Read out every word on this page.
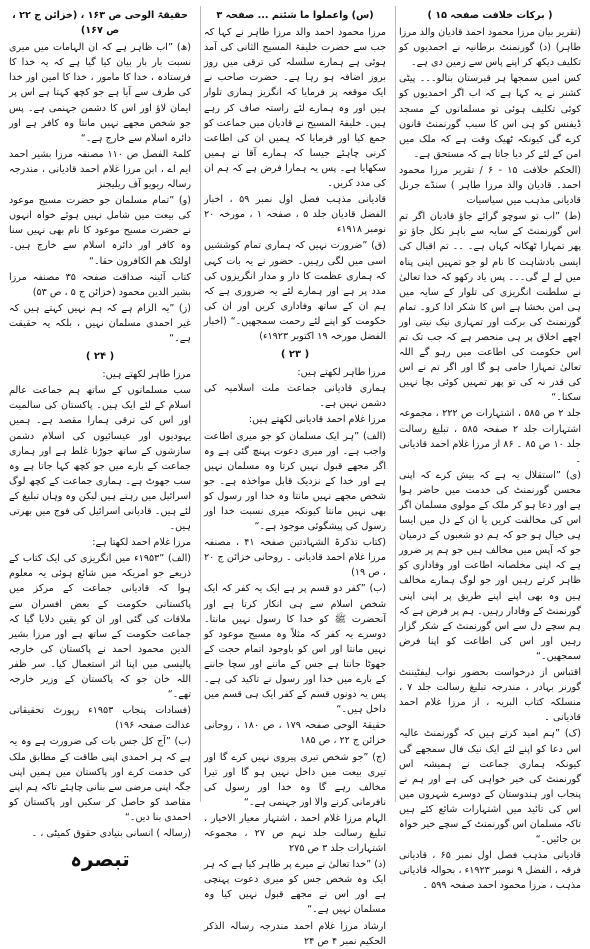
( برکات خلافت صفحہ ۱۵ )

(تقریر بیان مرزا محمود احمد قادیان والد مرزا طاہر) (د) گورنمنٹ برطانیہ نے احمدیوں کو تکلیف دیکھ کر اپنے پاس سے زمین دی ہے۔

کس امیں سمجھا ہر قبرستان بنالو۔۔۔ پیٹی کشنر نے یہ کہا ہے کہ اب اگر احمدیوں کو کوئی تکلیف ہوئی تو مسلمانوں کے مسجد ڈیفنس کو ہی اس کا سبب گورنمنٹ قانون کرے گی کیونکہ ٹھیک وقت ہے کہ ملک میں امن کے لئے کر دیا جاتا ہے کہ مستحق ہے۔

(الحکم خلافت ۱۵ - ۶ / تقریر مرزا محمود احمد۔ قادیان والد مرزا طاہر ) سنڈے جرنل قادیانی مذہب میں سیاسیات

(ط) ”اب تو سوچو گرائے جاؤ قادیان اگر تم اس گورنمنٹ کے سایہ سے باہر نکل جاؤ تو پھر تمہارا ٹھکانہ کہاں ہے۔ ۔۔ تم اقبال کی ایسی بادشاہت کا نام لو جو تمہیں اپنی پناہ میں لے لے گی۔۔۔ پس یاد رکھو کہ خدا تعالیٰ نے سلطنت انگریزی کی تلوار کے سایہ میں ہی امن بخشا ہے اس کا شکر ادا کرو۔ تمام گورنمنٹ کی برکت اور تمہاری نیک نیتی اور اچھے اخلاق پر ہی منحصر ہے کہ جب تک تم اس حکومت کی اطاعت میں رہو گے اللہ تعالیٰ تمہارا حامی ہو گا اور اگر تم نے اس کی قدر نہ کی تو پھر تمہیں کوئی بچا نہیں سکتا۔“

جلد ۲ ص ۵۸۵ ، اشتہارات ص ۲۲۲ ، مجموعہ اشتہارات جلد ۲ صفحہ ۵۸۵ ، تبلیغ رسالت جلد ۱۰ ص ۸۵ ۔ ۸۶ از مرزا غلام احمد قادیانی ۔

(ی) ”استقلال یہ ہے کہ بیش کرے کہ اپنی محسن گورنمنٹ کی خدمت میں حاضر ہوا ہے اور دعا ہو کر ملک کے مولوی مسلمان اگر اس کی مخالفت کریں یا ان کے دل میں ایسا ہی خیال ہو جو کہ ہم دو شعبوں کے درمیان جو کہ آپس میں مخالف ہیں جو ہم پر ضرور ہے کہ اپنی مخلصانہ اطاعت اور وفاداری کو ظاہر کرتے رہیں اور جو لوگ ہمارے مخالف ہیں وہ بھی اپنے اپنے طریق پر اپنی اپنی گورنمنٹ کے وفادار رہیں۔ ہم پر فرض ہے کہ ہم سچے دل سے اس گورنمنٹ کے شکر گزار رہیں اور اس کی اطاعت کو اپنا فرض سمجھیں۔“

اقتباس از درخواست بحضور نواب لیفٹیننٹ گورنر بہادر ، مندرجہ تبلیغ رسالت جلد ۷ ، منسلکہ کتاب البریہ ، از مرزا غلام احمد قادیانی ۔

(ک) ”ہم امید کرتے ہیں کہ گورنمنٹ عالیہ اس دعا کو اپنے لئے ایک نیک فال سمجھے گی کیونکہ ہماری جماعت نے ہمیشہ اس گورنمنٹ کی خیر خواہی کی ہے اور ہم نے پنجاب اور ہندوستان کے دوسرے شہروں میں اس کی تائید میں اشتہارات شائع کئے ہیں تاکہ مسلمان اس گورنمنٹ کے سچے خیر خواہ بن جائیں۔“

قادیانی مذہب فصل اول نمبر ۶۵ ، قادیانی فرقہ ، الفضل ۹ نومبر ۱۹۲۳ء ، بحوالہ قادیانی مذہب ، مرزا محمود احمد صفحہ ۵۹۹ ۔

(س) واعملوا ما شئتم ... صفحہ ۳

مرزا محمود احمد والد مرزا طاہر نے کہا کہ جب سے حضرت خلیفۃ المسیح الثانی کی آمد ہوئی ہے ہمارے سلسلہ کی ترقی میں روز بروز اضافہ ہو رہا ہے۔ حضرت صاحب نے ایک موقعہ پر فرمایا کہ انگریز ہماری تلوار ہیں اور وہ ہمارے لئے راستہ صاف کر رہے ہیں۔ خلیفۃ المسیح نے قادیان میں جماعت کو جمع کیا اور فرمایا کہ ہمیں ان کی اطاعت کرنی چاہئے جیسا کہ ہمارے آقا نے ہمیں سکھایا ہے۔ پس یہ ہمارا فرض ہے کہ ہم ان کی مدد کریں۔

قادیانی مذہب فصل اول نمبر ۵۹ ، اخبار الفضل قادیان جلد ۵ ، صفحہ ۱ ، مورخہ ۲۰ نومبر ۱۹۱۸ء

(ق) ”ضرورت نہیں کہ ہماری تمام کوششیں اسی میں لگی رہیں۔ حضور نے یہ بات کہی کہ ہماری عظمت کا دار و مدار انگریزوں کی مدد پر ہے اور ہمارے لئے یہ ضروری ہے کہ ہم ان کے ساتھ وفاداری کریں اور ان کی حکومت کو اپنے لئے رحمت سمجھیں۔“ (اخبار الفضل مورخہ ۱۹ اکتوبر ۱۹۲۳ء)

( ۲۳ )

مرزا طاہر لکھتے ہیں:

ہماری قادیانی جماعت ملت اسلامیہ کی دشمن نہیں ہے۔

مرزا غلام احمد قادیانی لکھتے ہیں:

(الف) ”ہر ایک مسلمان کو جو میری اطاعت واجب ہے۔ اور میری دعوت پہنچ گئی ہے وہ اگر مجھے قبول نہیں کرتا وہ مسلمان نہیں ہے اور خدا کے نزدیک قابل مواخذہ ہے۔ جو شخص مجھے نہیں مانتا وہ خدا اور رسول کو بھی نہیں مانتا کیونکہ میری نسبت خدا اور رسول کی پیشگوئی موجود ہے۔“

(کتاب تذکرۃ الشہادتین صفحہ ۴۱ ، مصنفہ مرزا غلام احمد قادیانی ۔ روحانی خزائن ج ۲۰ ، ص ۱۹)

(ب) ”کفر دو قسم پر ہے ایک یہ کفر کہ ایک شخص اسلام سے ہی انکار کرتا ہے اور آنحضرت ﷺ کو خدا کا رسول نہیں مانتا۔ دوسرے یہ کفر کہ مثلاً وہ مسیح موعود کو نہیں مانتا اور اس کو باوجود اتمام حجت کے جھوٹا جانتا ہے جس کے ماننے اور سچا جاننے کے بارے میں خدا اور رسول نے تاکید کی ہے۔ پس یہ دونوں قسم کے کفر ایک ہی قسم میں داخل ہیں۔“

حقیقۃ الوحی صفحہ ۱۷۹ ، ص ۱۸۰ ، روحانی خزائن ج ۲۲ ، ص ۱۸۵

(ج) ”جو شخص تیری پیروی نہیں کرے گا اور تیری بیعت میں داخل نہیں ہو گا اور تیرا مخالف رہے گا وہ خدا اور رسول کی نافرمانی کرنے والا اور جہنمی ہے۔“

الہام مرزا غلام احمد ، اشتہار معیار الاخیار ، تبلیغ رسالت جلد نہم ص ۲۷ ، مجموعہ اشتہارات جلد ۳ ص ۲۷۵

(د) ”خدا تعالیٰ نے میرے پر ظاہر کیا ہے کہ ہر ایک وہ شخص جس کو میری دعوت پہنچی ہے اور اس نے مجھے قبول نہیں کیا وہ مسلمان نہیں ہے۔“

ارشاد مرزا غلام احمد مندرجہ رسالہ الذکر الحکیم نمبر ۴ ص ۲۴

حقیقۃ الوحی ص ۱۶۳ ، (خزائن ج ۲۲ ، ص ۱۶۷)

(ھ) ”اب ظاہر ہے کہ ان الہامات میں میری نسبت بار بار بیان کیا گیا ہے کہ یہ خدا کا فرستادہ ، خدا کا مامور ، خدا کا امین اور خدا کی طرف سے آیا ہے جو کچھ کہتا ہے اس پر ایمان لاؤ اور اس کا دشمن جہنمی ہے۔ پس جو شخص مجھے نہیں مانتا وہ کافر ہے اور دائرہ اسلام سے خارج ہے۔“

کلمۃ الفصل ص ۱۱۰ مصنفہ مرزا بشیر احمد ایم اے ، ابن مرزا غلام احمد قادیانی ، مندرجہ رسالہ ریویو آف ریلیجنز

(و) ”تمام مسلمان جو حضرت مسیح موعود کی بیعت میں شامل نہیں ہوئے خواہ انہوں نے حضرت مسیح موعود کا نام بھی نہیں سنا وہ کافر اور دائرہ اسلام سے خارج ہیں۔ اولئک ھم الکافرون حقا۔“

کتاب آئینہ صداقت صفحہ ۳۵ مصنفہ مرزا بشیر الدین محمود (خزائن ج ۵ ، ص ۵۳)

(ز) ”یہ الزام ہے کہ ہم نہیں کہتے ہیں کہ غیر احمدی مسلمان نہیں ، بلکہ یہ حقیقت ہے۔“

( ۲۴ )

مرزا طاہر لکھتے ہیں:

سب مسلمانوں کے ساتھ ہم جماعت عالم اسلام کے لئے ایک ہیں۔ پاکستان کی سالمیت اور اس کی ترقی ہمارا مقصد ہے۔ ہمیں یہودیوں اور عیسائیوں کی اسلام دشمن سازشوں کے ساتھ جوڑنا غلط ہے اور ہماری جماعت کے بارے میں جو کچھ کہا جاتا ہے وہ سب جھوٹ ہے۔ ہماری جماعت کے کچھ لوگ اسرائیل میں رہتے ہیں لیکن وہ وہاں تبلیغ کے لئے ہیں۔ قادیانی اسرائیل کی فوج میں بھرتی ہیں۔

مرزا غلام احمد لکھتا ہے:

(الف) ”۱۹۵۳ء میں انگریزی کی ایک کتاب کے ذریعے جو امریکہ میں شائع ہوئی یہ معلوم ہوا کہ قادیانی جماعت کے مرکز میں پاکستانی حکومت کے بعض افسران سے ملاقات کی گئی اور ان کو یقین دلایا گیا کہ جماعت حکومت کے ساتھ ہے اور مرزا بشیر الدین محمود احمد نے پاکستان کی خارجہ پالیسی میں اپنا اثر استعمال کیا۔ سر ظفر اللہ خان جو کہ پاکستان کے وزیر خارجہ تھے۔“

(فسادات پنجاب ۱۹۵۳ء رپورٹ تحقیقاتی عدالت صفحہ ۱۹۶)

(ب) ”آج کل جس بات کی ضرورت ہے وہ یہ ہے کہ ہر احمدی اپنی طاقت کے مطابق ملک کی خدمت کرے اور پاکستان میں ہمیں اپنی جگہ اپنی مرضی سے بنانی چاہئے تاکہ ہم اپنے مقاصد کو حاصل کر سکیں اور پاکستان کو احمدی بنا دیں۔“

(رسالہ ) انسانی بنیادی حقوق کمیٹی ، ۔

تبصرہ
